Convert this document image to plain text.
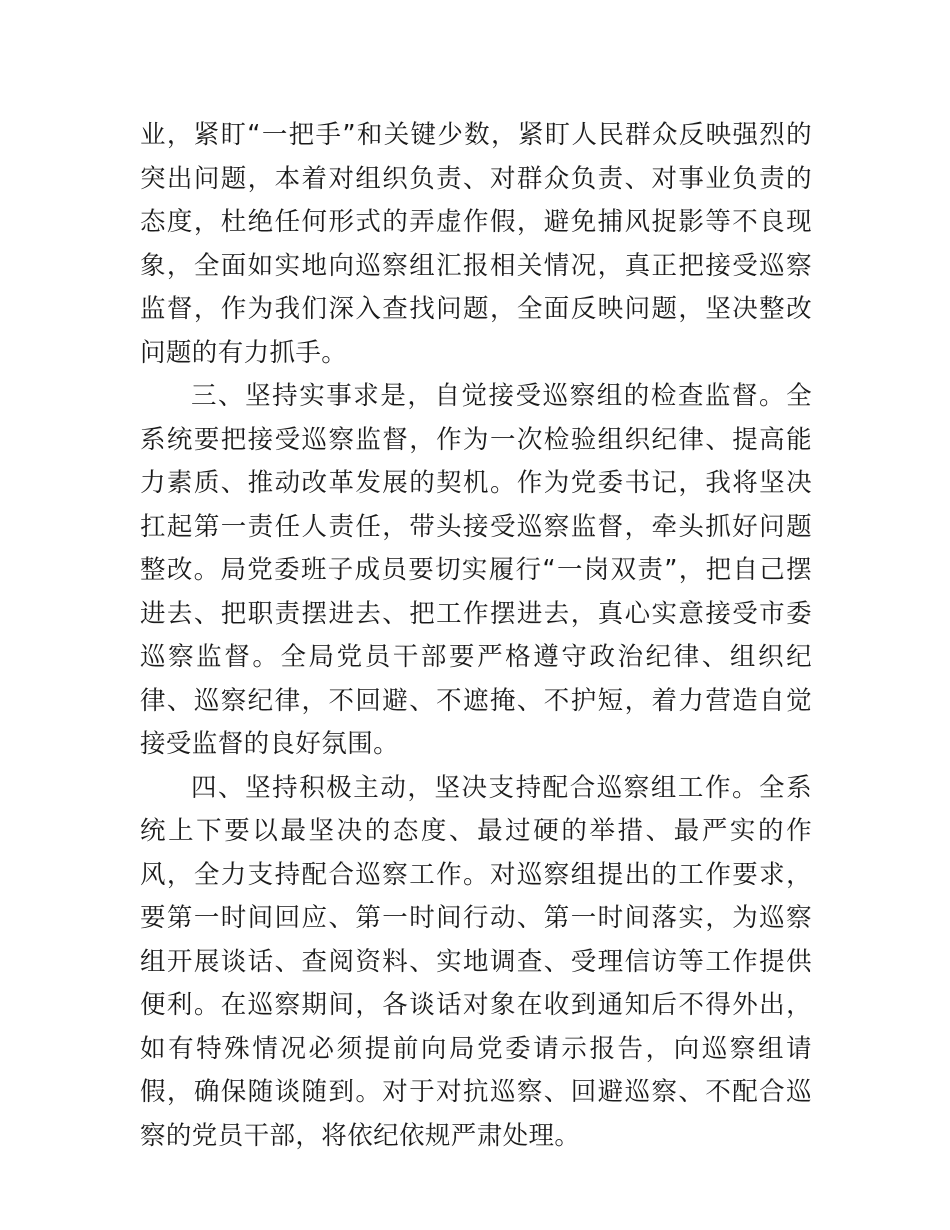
业，紧盯“一把手”和关键少数，紧盯人民群众反映强烈的突出问题，本着对组织负责、对群众负责、对事业负责的态度，杜绝任何形式的弄虚作假，避免捕风捉影等不良现象，全面如实地向巡察组汇报相关情况，真正把接受巡察监督，作为我们深入查找问题，全面反映问题，坚决整改问题的有力抓手。

三、坚持实事求是，自觉接受巡察组的检查监督。全系统要把接受巡察监督，作为一次检验组织纪律、提高能力素质、推动改革发展的契机。作为党委书记，我将坚决扛起第一责任人责任，带头接受巡察监督，牵头抓好问题整改。局党委班子成员要切实履行“一岗双责”，把自己摆进去、把职责摆进去、把工作摆进去，真心实意接受市委巡察监督。全局党员干部要严格遵守政治纪律、组织纪律、巡察纪律，不回避、不遮掩、不护短，着力营造自觉接受监督的良好氛围。

四、坚持积极主动，坚决支持配合巡察组工作。全系统上下要以最坚决的态度、最过硬的举措、最严实的作风，全力支持配合巡察工作。对巡察组提出的工作要求，要第一时间回应、第一时间行动、第一时间落实，为巡察组开展谈话、查阅资料、实地调查、受理信访等工作提供便利。在巡察期间，各谈话对象在收到通知后不得外出，如有特殊情况必须提前向局党委请示报告，向巡察组请假，确保随谈随到。对于对抗巡察、回避巡察、不配合巡察的党员干部，将依纪依规严肃处理。
